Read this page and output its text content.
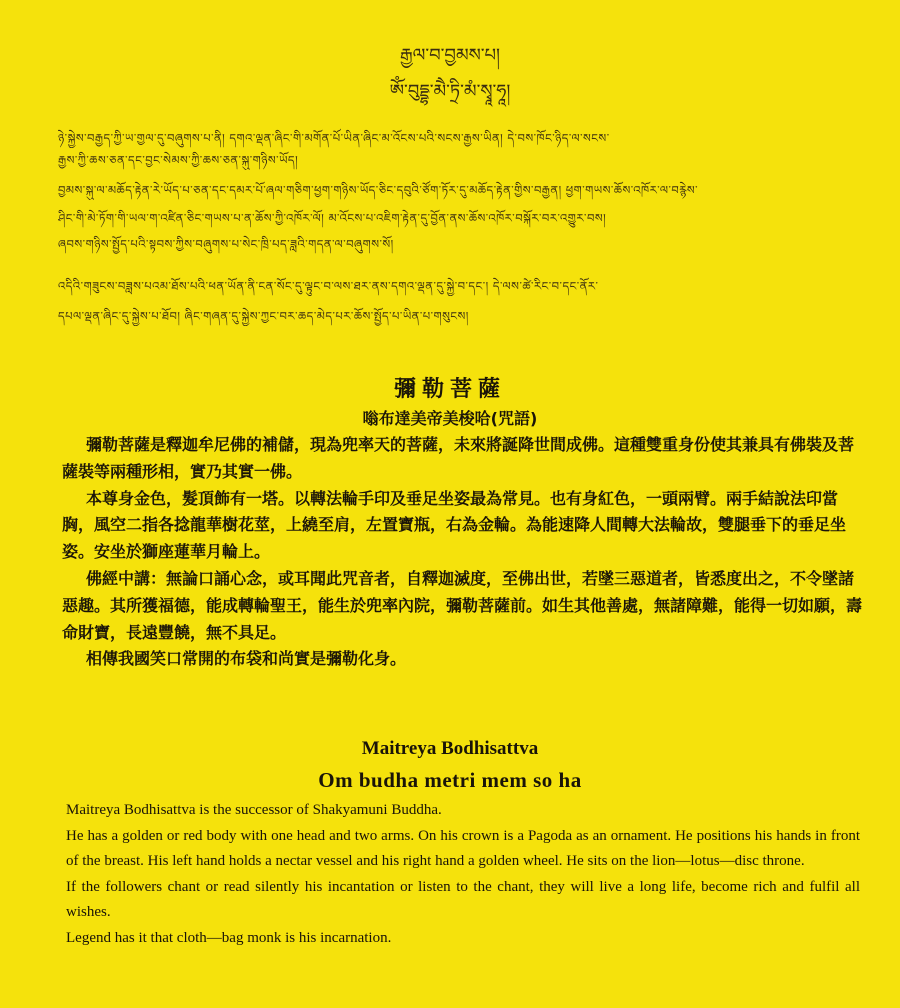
རྒྱལ་བ་བྱམས་པ།
ཨོཾ་བུདྡྷ་མཻ་ཏྲི་མཾ་སྭཱ་ཧཱ།
ཉེ་སྐྱེས་བརྒྱད་ཀྱི་ཡ་གྱལ་དུ་བཞུགས་པ་ནི། དགའ་ལྡན་ཞིང་གི་མགོན་པོ་ཡིན་ཞིང་མ་འོངས་པའི་སངས་རྒྱས་ཡིན། དེ་བས་ཁོང་ཉིད་ལ་སངས་
རྒྱས་ཀྱི་ཆས་ཅན་དང་བྱང་སེམས་ཀྱི་ཆས་ཅན་སྐུ་གཉིས་ཡོད།
བྱམས་སྐུ་ལ་མཆོད་རྟེན་རེ་ཡོད་པ་ཅན་དང་དམར་པོ་ཞལ་གཅིག་ཕྱག་གཉིས་ཡོད་ཅིང་དབུའི་ཙོག་ཏོར་དུ་མཆོད་རྟེན་གྱིས་བརྒྱན། ཕྱག་གཡས་ཆོས་འཁོར་ལ་བརྙེས་
ཤིང་གི་མེ་ཏོག་གི་ཡལ་ག་འཛིན་ཅིང་གཡས་པ་ན་ཆོས་ཀྱི་འཁོར་ལོ། མ་འོངས་པ་འཇིག་རྟེན་དུ་བྱོན་ནས་ཆོས་འཁོར་བསྐོར་བར་འགྱུར་བས།
ཞབས་གཉིས་སྤྱོད་པའི་སྟབས་ཀྱིས་བཞུགས་པ་སེང་ཁྲི་པད་ཟླའི་གདན་ལ་བཞུགས་སོ།
འདིའི་གཟུངས་བཟླས་པའམ་ཐོས་པའི་ཕན་ཡོན་ནི་ངན་སོང་དུ་ལྟུང་བ་ལས་ཐར་ནས་དགའ་ལྡན་དུ་སྐྱེ་བ་དང་། དེ་ལས་ཚེ་རིང་བ་དང་ནོར་
དཔལ་ལྡན་ཞིང་དུ་སྐྱེས་པ་ཐོབ། ཞིང་གཞན་དུ་སྐྱེས་ཀྱང་བར་ཆད་མེད་པར་ཆོས་སྤྱོད་པ་ཡིན་པ་གསུངས།
彌勒菩薩
嗡布達美帝美梭哈(咒語)

彌勒菩薩是釋迦牟尼佛的補儲，現為兜率天的菩薩，未來將誕降世間成佛。這種雙重身份使其兼具有佛裝及菩薩裝等兩種形相，實乃其實一佛。

本尊身金色，髮頂飾有一塔。以轉法輪手印及垂足坐姿最為常見。也有身紅色，一頭兩臂。兩手結說法印當胸，風空二指各捻龍華樹花莖，上繞至肩，左置寶瓶，右為金輪。為能速降人間轉大法輪故，雙腿垂下的垂足坐姿。安坐於獅座蓮華月輪上。

佛經中講：無論口誦心念，或耳聞此咒音者，自釋迦滅度，至佛出世，若墜三惡道者，皆悉度出之，不令墜諸惡趣。其所獲福德，能成轉輪聖王，能生於兜率內院，彌勒菩薩前。如生其他善處，無諸障難，能得一切如願，壽命財寶，長遠豐饒，無不具足。

相傳我國笑口常開的布袋和尚實是彌勒化身。

Maitreya Bodhisattva
Om budha metri mem so ha

Maitreya Bodhisattva is the successor of Shakyamuni Buddha.

He has a golden or red body with one head and two arms. On his crown is a Pagoda as an ornament. He positions his hands in front of the breast. His left hand holds a nectar vessel and his right hand a golden wheel. He sits on the lion—lotus—disc throne.

If the followers chant or read silently his incantation or listen to the chant, they will live a long life, become rich and fulfil all wishes.

Legend has it that cloth—bag monk is his incarnation.
